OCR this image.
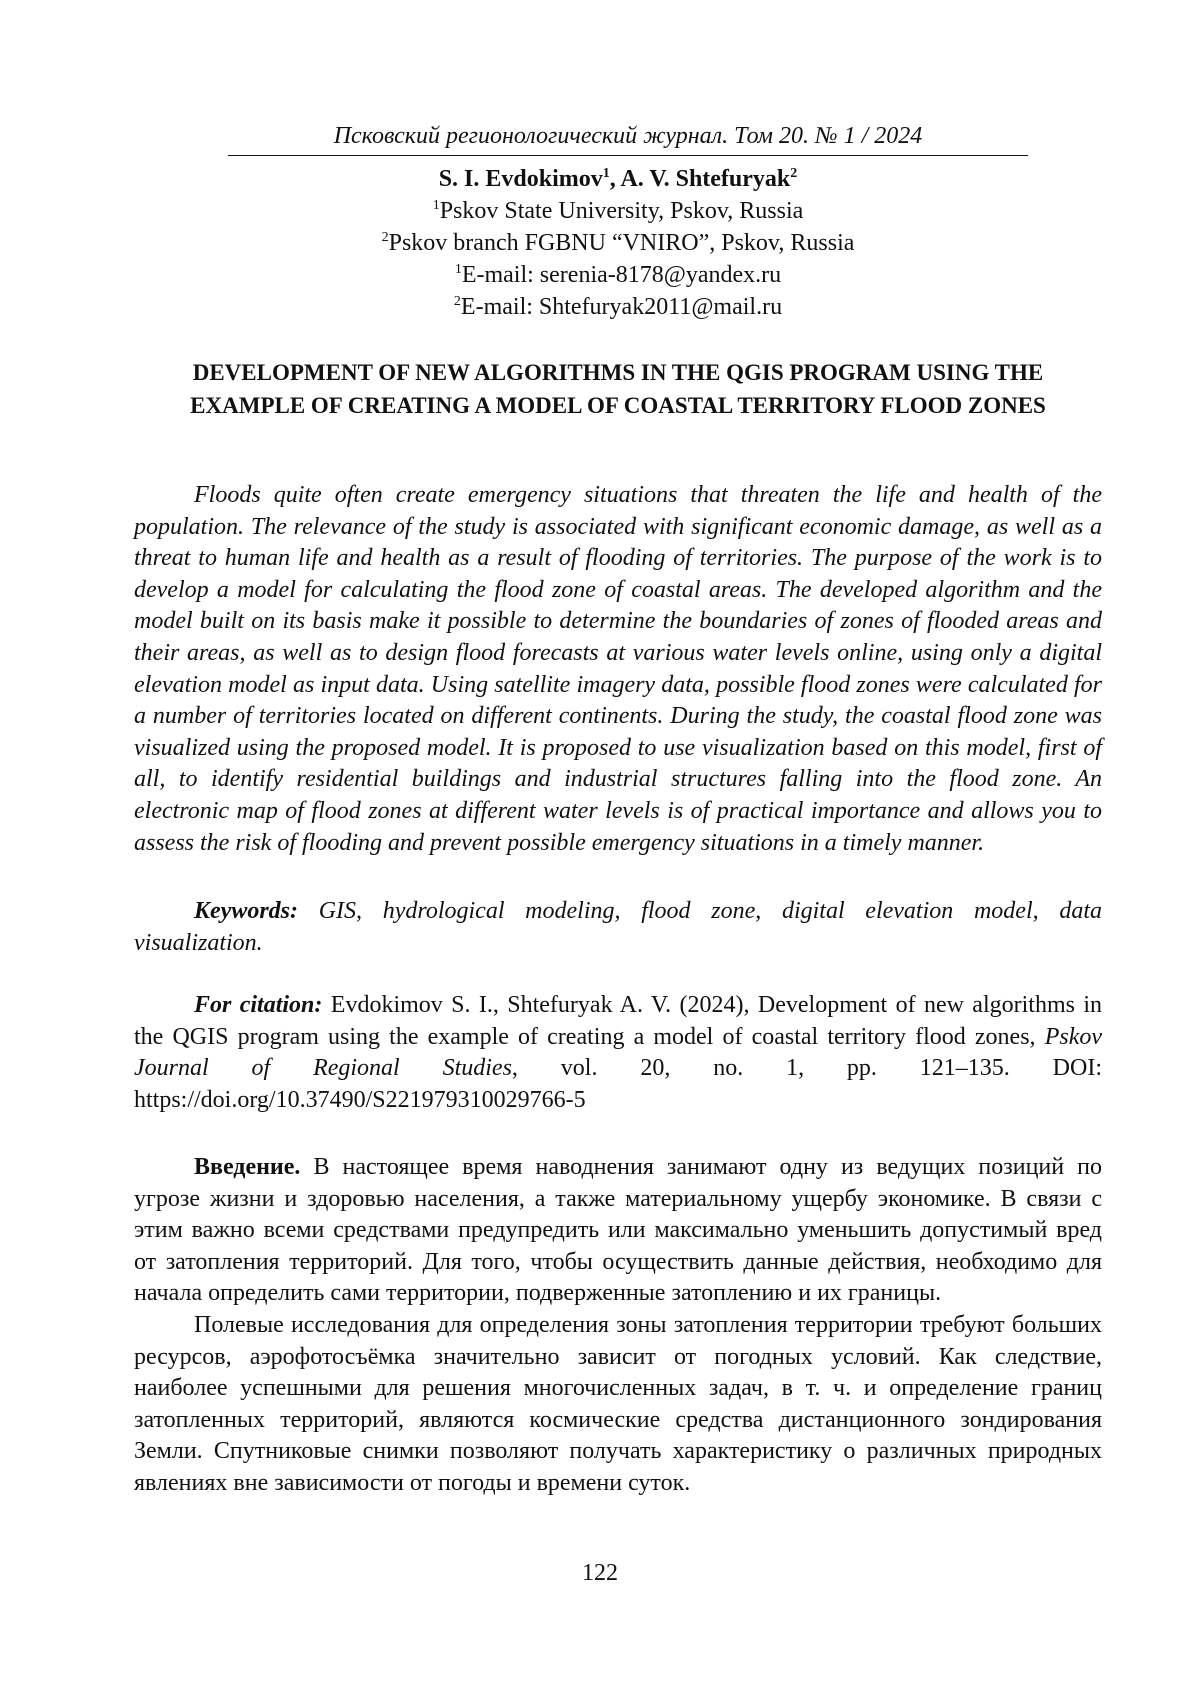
Псковский регионологический журнал. Том 20. № 1 / 2024
S. I. Evdokimov$^1$, A. V. Shtefuryak$^2$
$^1$Pskov State University, Pskov, Russia
$^2$Pskov branch FGBNU “VNIRO”, Pskov, Russia
$^1$E-mail: serenia-8178@yandex.ru
$^2$E-mail: Shtefuryak2011@mail.ru
DEVELOPMENT OF NEW ALGORITHMS IN THE QGIS PROGRAM USING THE EXAMPLE OF CREATING A MODEL OF COASTAL TERRITORY FLOOD ZONES

Floods quite often create emergency situations that threaten the life and health of the population. The relevance of the study is associated with significant economic damage, as well as a threat to human life and health as a result of flooding of territories. The purpose of the work is to develop a model for calculating the flood zone of coastal areas. The developed algorithm and the model built on its basis make it possible to determine the boundaries of zones of flooded areas and their areas, as well as to design flood forecasts at various water levels online, using only a digital elevation model as input data. Using satellite imagery data, possible flood zones were calculated for a number of territories located on different continents. During the study, the coastal flood zone was visualized using the proposed model. It is proposed to use visualization based on this model, first of all, to identify residential buildings and industrial structures falling into the flood zone. An electronic map of flood zones at different water levels is of practical importance and allows you to assess the risk of flooding and prevent possible emergency situations in a timely manner.

Keywords: GIS, hydrological modeling, flood zone, digital elevation model, data visualization.

For citation: Evdokimov S. I., Shtefuryak A. V. (2024), Development of new algorithms in the QGIS program using the example of creating a model of coastal territory flood zones, Pskov Journal of Regional Studies, vol. 20, no. 1, pp. 121–135. DOI: https://doi.org/10.37490/S221979310029766-5

Введение. В настоящее время наводнения занимают одну из ведущих позиций по угрозе жизни и здоровью населения, а также материальному ущербу экономике. В связи с этим важно всеми средствами предупредить или максимально уменьшить допустимый вред от затопления территорий. Для того, чтобы осуществить данные действия, необходимо для начала определить сами территории, подверженные затоплению и их границы.

Полевые исследования для определения зоны затопления территории требуют больших ресурсов, аэрофотосъёмка значительно зависит от погодных условий. Как следствие, наиболее успешными для решения многочисленных задач, в т. ч. и определение границ затопленных территорий, являются космические средства дистанционного зондирования Земли. Спутниковые снимки позволяют получать характеристику о различных природных явлениях вне зависимости от погоды и времени суток.

122
